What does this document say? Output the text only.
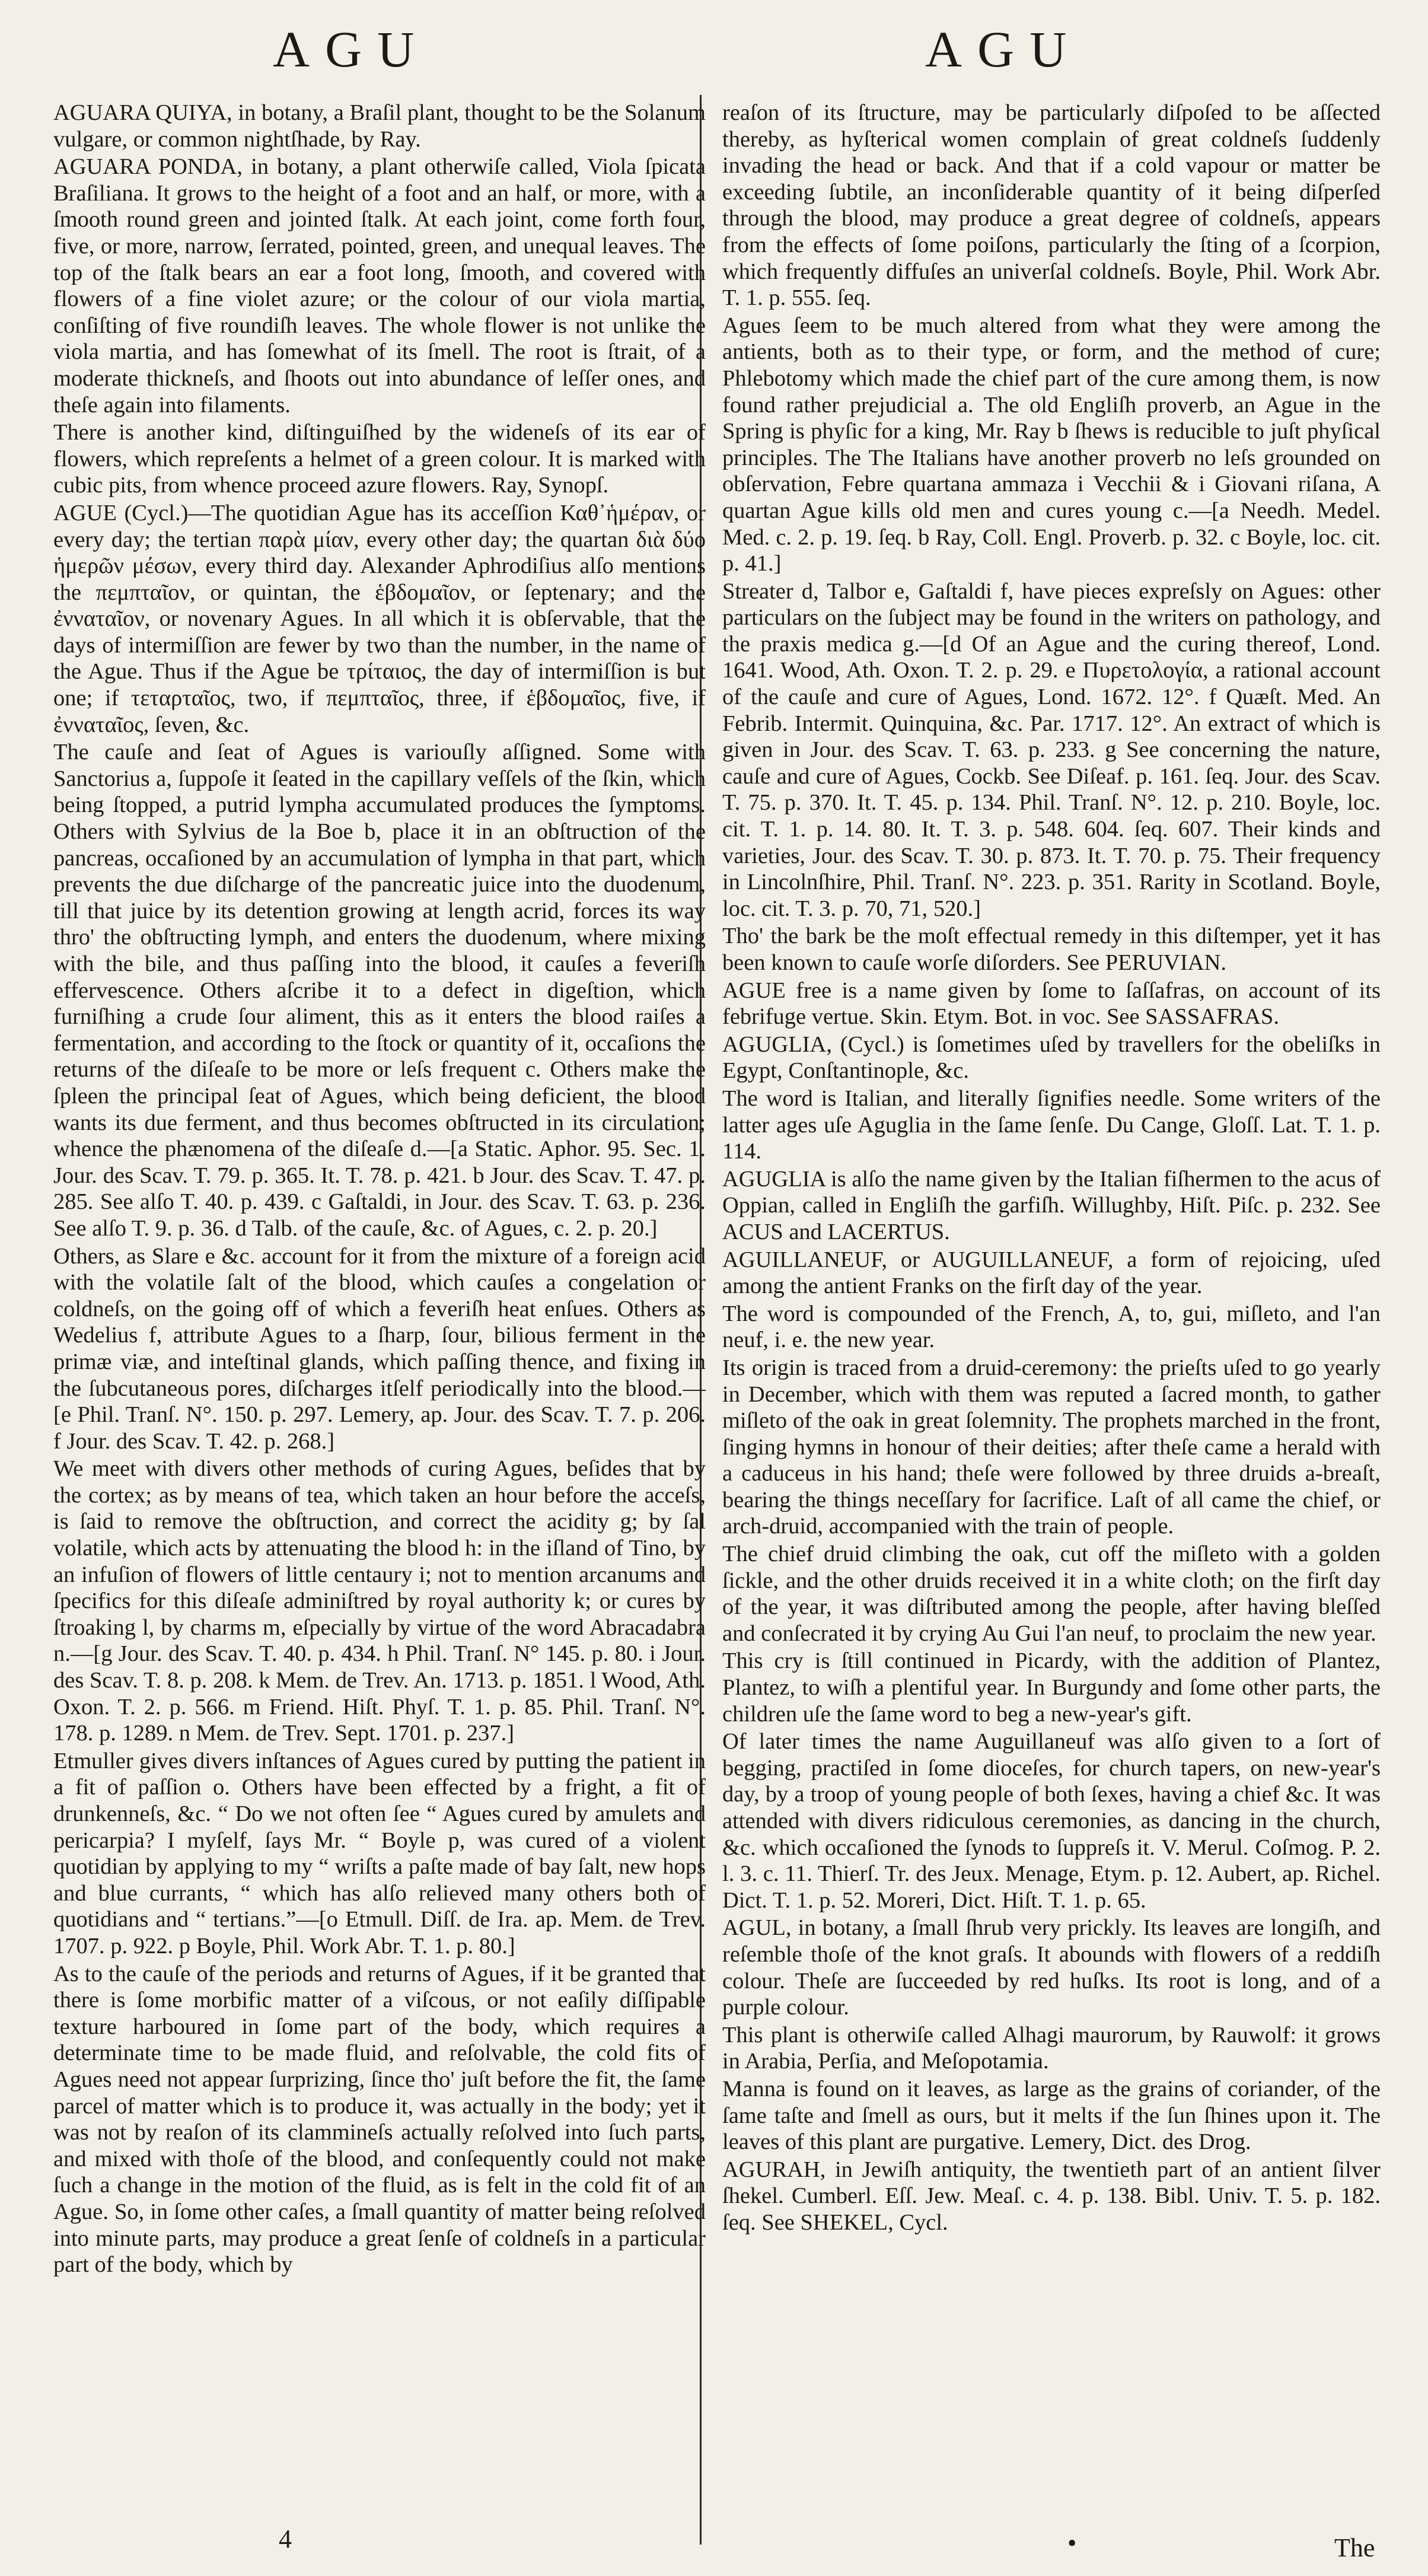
AGU	AGU

AGUARA QUIYA, in botany, a Braſil plant, thought to be the Solanum vulgare, or common nightſhade, by Ray.

AGUARA PONDA, in botany, a plant otherwiſe called, Viola ſpicata Braſiliana. It grows to the height of a foot and an half, or more, with a ſmooth round green and jointed ſtalk. At each joint, come forth four, five, or more, narrow, ſerrated, pointed, green, and unequal leaves. The top of the ſtalk bears an ear a foot long, ſmooth, and covered with flowers of a fine violet azure; or the colour of our viola martia, conſiſting of five roundiſh leaves. The whole flower is not unlike the viola martia, and has ſomewhat of its ſmell. The root is ſtrait, of a moderate thickneſs, and ſhoots out into abundance of leſſer ones, and theſe again into filaments.

There is another kind, diſtinguiſhed by the wideneſs of its ear of flowers, which repreſents a helmet of a green colour. It is marked with cubic pits, from whence proceed azure flowers. Ray, Synopſ.

AGUE (Cycl.)—The quotidian Ague has its acceſſion Καθ᾽ἡμέραν, or every day; the tertian παρὰ μίαν, every other day; the quartan διὰ δύο ἡμερῶν μέσων, every third day. Alexander Aphrodiſius alſo mentions the πεμπταῖον, or quintan, the ἑβδομαῖον, or ſeptenary; and the ἐνναταῖον, or novenary Agues. In all which it is obſervable, that the days of intermiſſion are fewer by two than the number, in the name of the Ague. Thus if the Ague be τρίταιος, the day of intermiſſion is but one; if τεταρταῖος, two, if πεμπταῖος, three, if ἑβδομαῖος, five, if ἐνναταῖος, ſeven, &c.

The cauſe and ſeat of Agues is variouſly aſſigned. Some with Sanctorius a, ſuppoſe it ſeated in the capillary veſſels of the ſkin, which being ſtopped, a putrid lympha accumulated produces the ſymptoms. Others with Sylvius de la Boe b, place it in an obſtruction of the pancreas, occaſioned by an accumulation of lympha in that part, which prevents the due diſcharge of the pancreatic juice into the duodenum, till that juice by its detention growing at length acrid, forces its way thro' the obſtructing lymph, and enters the duodenum, where mixing with the bile, and thus paſſing into the blood, it cauſes a feveriſh effervescence. Others aſcribe it to a defect in digeſtion, which furniſhing a crude ſour aliment, this as it enters the blood raiſes a fermentation, and according to the ſtock or quantity of it, occaſions the returns of the diſeaſe to be more or leſs frequent c. Others make the ſpleen the principal ſeat of Agues, which being deficient, the blood wants its due ferment, and thus becomes obſtructed in its circulation; whence the phænomena of the diſeaſe d.—[a Static. Aphor. 95. Sec. 1. Jour. des Scav. T. 79. p. 365. It. T. 78. p. 421. b Jour. des Scav. T. 47. p. 285. See alſo T. 40. p. 439. c Gaſtaldi, in Jour. des Scav. T. 63. p. 236. See alſo T. 9. p. 36. d Talb. of the cauſe, &c. of Agues, c. 2. p. 20.]

Others, as Slare e &c. account for it from the mixture of a foreign acid with the volatile ſalt of the blood, which cauſes a congelation or coldneſs, on the going off of which a feveriſh heat enſues. Others as Wedelius f, attribute Agues to a ſharp, ſour, bilious ferment in the primæ viæ, and inteſtinal glands, which paſſing thence, and fixing in the ſubcutaneous pores, diſcharges itſelf periodically into the blood.—[e Phil. Tranſ. N°. 150. p. 297. Lemery, ap. Jour. des Scav. T. 7. p. 206. f Jour. des Scav. T. 42. p. 268.]

We meet with divers other methods of curing Agues, beſides that by the cortex; as by means of tea, which taken an hour before the acceſs, is ſaid to remove the obſtruction, and correct the acidity g; by ſal volatile, which acts by attenuating the blood h: in the iſland of Tino, by an infuſion of flowers of little centaury i; not to mention arcanums and ſpecifics for this diſeaſe adminiſtred by royal authority k; or cures by ſtroaking l, by charms m, eſpecially by virtue of the word Abracadabra n.—[g Jour. des Scav. T. 40. p. 434. h Phil. Tranſ. N° 145. p. 80. i Jour. des Scav. T. 8. p. 208. k Mem. de Trev. An. 1713. p. 1851. l Wood, Ath. Oxon. T. 2. p. 566. m Friend. Hiſt. Phyſ. T. 1. p. 85. Phil. Tranſ. N°. 178. p. 1289. n Mem. de Trev. Sept. 1701. p. 237.]

Etmuller gives divers inſtances of Agues cured by putting the patient in a fit of paſſion o. Others have been effected by a fright, a fit of drunkenneſs, &c. “ Do we not often ſee “ Agues cured by amulets and pericarpia? I myſelf, ſays Mr. “ Boyle p, was cured of a violent quotidian by applying to my “ wriſts a paſte made of bay ſalt, new hops and blue currants, “ which has alſo relieved many others both of quotidians and “ tertians.”—[o Etmull. Diſſ. de Ira. ap. Mem. de Trev. 1707. p. 922. p Boyle, Phil. Work Abr. T. 1. p. 80.]

As to the cauſe of the periods and returns of Agues, if it be granted that there is ſome morbific matter of a viſcous, or not eaſily diſſipable texture harboured in ſome part of the body, which requires a determinate time to be made fluid, and reſolvable, the cold fits of Agues need not appear ſurprizing, ſince tho' juſt before the fit, the ſame parcel of matter which is to produce it, was actually in the body; yet it was not by reaſon of its clammineſs actually reſolved into ſuch parts, and mixed with thoſe of the blood, and conſequently could not make ſuch a change in the motion of the fluid, as is felt in the cold fit of an Ague. So, in ſome other caſes, a ſmall quantity of matter being reſolved into minute parts, may produce a great ſenſe of coldneſs in a particular part of the body, which by

reaſon of its ſtructure, may be particularly diſpoſed to be aſſected thereby, as hyſterical women complain of great coldneſs ſuddenly invading the head or back. And that if a cold vapour or matter be exceeding ſubtile, an inconſiderable quantity of it being diſperſed through the blood, may produce a great degree of coldneſs, appears from the effects of ſome poiſons, particularly the ſting of a ſcorpion, which frequently diffuſes an univerſal coldneſs. Boyle, Phil. Work Abr. T. 1. p. 555. ſeq.

Agues ſeem to be much altered from what they were among the antients, both as to their type, or form, and the method of cure; Phlebotomy which made the chief part of the cure among them, is now found rather prejudicial a. The old Engliſh proverb, an Ague in the Spring is phyſic for a king, Mr. Ray b ſhews is reducible to juſt phyſical principles. The The Italians have another proverb no leſs grounded on obſervation, Febre quartana ammaza i Vecchii & i Giovani riſana, A quartan Ague kills old men and cures young c.—[a Needh. Medel. Med. c. 2. p. 19. ſeq. b Ray, Coll. Engl. Proverb. p. 32. c Boyle, loc. cit. p. 41.]

Streater d, Talbor e, Gaſtaldi f, have pieces expreſsly on Agues: other particulars on the ſubject may be found in the writers on pathology, and the praxis medica g.—[d Of an Ague and the curing thereof, Lond. 1641. Wood, Ath. Oxon. T. 2. p. 29. e Πυρετολογία, a rational account of the cauſe and cure of Agues, Lond. 1672. 12°. f Quæſt. Med. An Febrib. Intermit. Quinquina, &c. Par. 1717. 12°. An extract of which is given in Jour. des Scav. T. 63. p. 233. g See concerning the nature, cauſe and cure of Agues, Cockb. See Diſeaf. p. 161. ſeq. Jour. des Scav. T. 75. p. 370. It. T. 45. p. 134. Phil. Tranſ. N°. 12. p. 210. Boyle, loc. cit. T. 1. p. 14. 80. It. T. 3. p. 548. 604. ſeq. 607. Their kinds and varieties, Jour. des Scav. T. 30. p. 873. It. T. 70. p. 75. Their frequency in Lincolnſhire, Phil. Tranſ. N°. 223. p. 351. Rarity in Scotland. Boyle, loc. cit. T. 3. p. 70, 71, 520.]

Tho' the bark be the moſt effectual remedy in this diſtemper, yet it has been known to cauſe worſe diſorders. See PERUVIAN.

AGUE free is a name given by ſome to ſaſſafras, on account of its febrifuge vertue. Skin. Etym. Bot. in voc. See SASSAFRAS.

AGUGLIA, (Cycl.) is ſometimes uſed by travellers for the obeliſks in Egypt, Conſtantinople, &c.

The word is Italian, and literally ſignifies needle. Some writers of the latter ages uſe Aguglia in the ſame ſenſe. Du Cange, Gloſſ. Lat. T. 1. p. 114.

AGUGLIA is alſo the name given by the Italian fiſhermen to the acus of Oppian, called in Engliſh the garfiſh. Willughby, Hiſt. Piſc. p. 232. See ACUS and LACERTUS.

AGUILLANEUF, or AUGUILLANEUF, a form of rejoicing, uſed among the antient Franks on the firſt day of the year.

The word is compounded of the French, A, to, gui, miſleto, and l'an neuf, i. e. the new year.

Its origin is traced from a druid-ceremony: the prieſts uſed to go yearly in December, which with them was reputed a ſacred month, to gather miſleto of the oak in great ſolemnity. The prophets marched in the front, ſinging hymns in honour of their deities; after theſe came a herald with a caduceus in his hand; theſe were followed by three druids a-breaſt, bearing the things neceſſary for ſacrifice. Laſt of all came the chief, or arch-druid, accompanied with the train of people.

The chief druid climbing the oak, cut off the miſleto with a golden ſickle, and the other druids received it in a white cloth; on the firſt day of the year, it was diſtributed among the people, after having bleſſed and conſecrated it by crying Au Gui l'an neuf, to proclaim the new year.

This cry is ſtill continued in Picardy, with the addition of Plantez, Plantez, to wiſh a plentiful year. In Burgundy and ſome other parts, the children uſe the ſame word to beg a new-year's gift.

Of later times the name Auguillaneuf was alſo given to a ſort of begging, practiſed in ſome dioceſes, for church tapers, on new-year's day, by a troop of young people of both ſexes, having a chief &c. It was attended with divers ridiculous ceremonies, as dancing in the church, &c. which occaſioned the ſynods to ſuppreſs it. V. Merul. Coſmog. P. 2. l. 3. c. 11. Thierſ. Tr. des Jeux. Menage, Etym. p. 12. Aubert, ap. Richel. Dict. T. 1. p. 52. Moreri, Dict. Hiſt. T. 1. p. 65.

AGUL, in botany, a ſmall ſhrub very prickly. Its leaves are longiſh, and reſemble thoſe of the knot graſs. It abounds with flowers of a reddiſh colour. Theſe are ſucceeded by red huſks. Its root is long, and of a purple colour.

This plant is otherwiſe called Alhagi maurorum, by Rauwolf: it grows in Arabia, Perſia, and Meſopotamia.

Manna is found on it leaves, as large as the grains of coriander, of the ſame taſte and ſmell as ours, but it melts if the ſun ſhines upon it. The leaves of this plant are purgative. Lemery, Dict. des Drog.

AGURAH, in Jewiſh antiquity, the twentieth part of an antient ſilver ſhekel. Cumberl. Eſſ. Jew. Meaſ. c. 4. p. 138. Bibl. Univ. T. 5. p. 182. ſeq. See SHEKEL, Cycl.

4	•	The
